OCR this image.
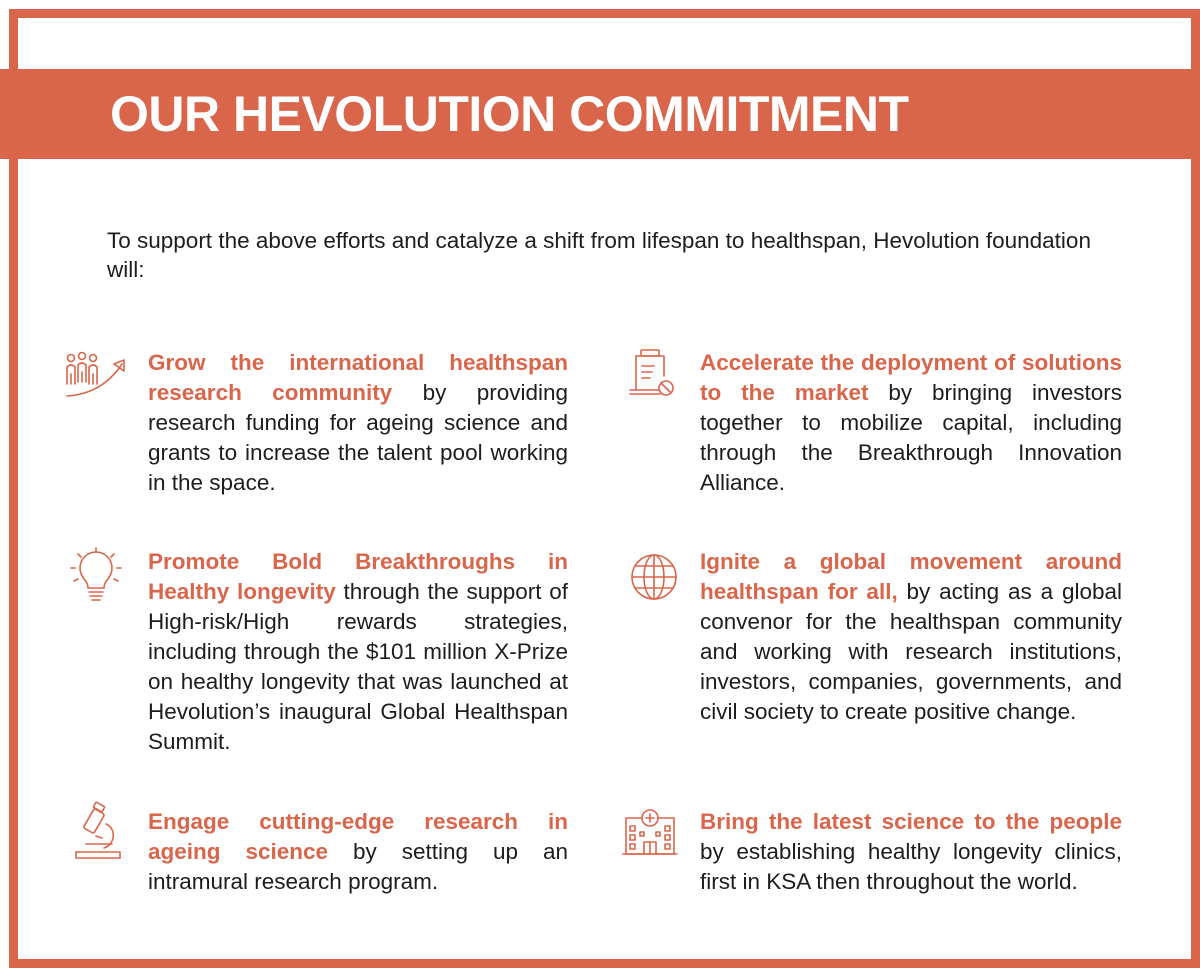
OUR HEVOLUTION COMMITMENT

To support the above efforts and catalyze a shift from lifespan to healthspan, Hevolution foundation will:

Grow the international healthspan research community by providing research funding for ageing science and grants to increase the talent pool working in the space.

Accelerate the deployment of solutions to the market by bringing investors together to mobilize capital, including through the Breakthrough Innovation Alliance.

Promote Bold Breakthroughs in Healthy longevity through the support of High-risk/High rewards strategies, including through the $101 million X-Prize on healthy longevity that was launched at Hevolution’s inaugural Global Healthspan Summit.

Ignite a global movement around healthspan for all, by acting as a global convenor for the healthspan community and working with research institutions, investors, companies, governments, and civil society to create positive change.

Engage cutting-edge research in ageing science by setting up an intramural research program.

Bring the latest science to the people by establishing healthy longevity clinics, first in KSA then throughout the world.
